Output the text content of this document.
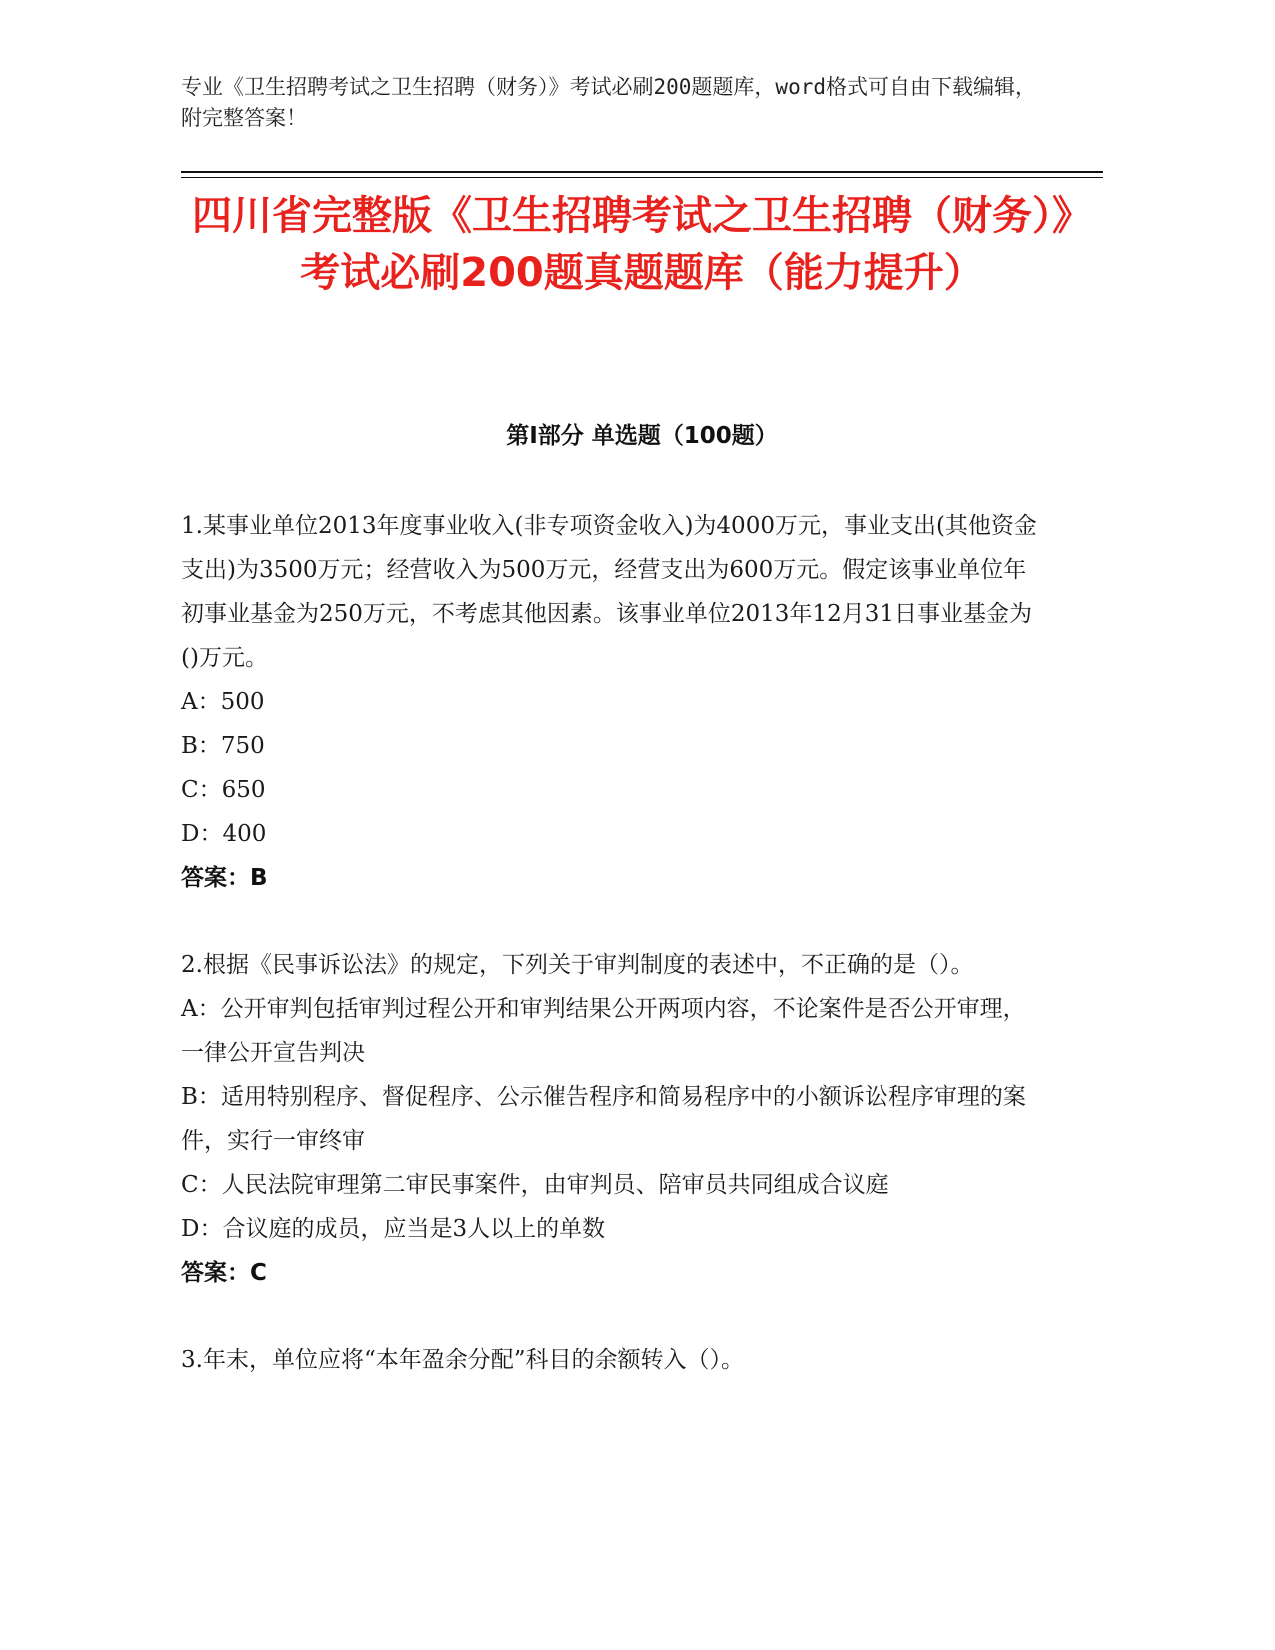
专业《卫生招聘考试之卫生招聘（财务）》考试必刷200题题库，word格式可自由下载编辑，附完整答案！
四川省完整版《卫生招聘考试之卫生招聘（财务）》考试必刷200题真题题库（能力提升）
第I部分 单选题（100题）

1.某事业单位2013年度事业收入(非专项资金收入)为4000万元，事业支出(其他资金支出)为3500万元；经营收入为500万元，经营支出为600万元。假定该事业单位年初事业基金为250万元，不考虑其他因素。该事业单位2013年12月31日事业基金为()万元。

A：500

B：750

C：650

D：400

答案：B

2.根据《民事诉讼法》的规定，下列关于审判制度的表述中，不正确的是（）。

A：公开审判包括审判过程公开和审判结果公开两项内容，不论案件是否公开审理，一律公开宣告判决

B：适用特别程序、督促程序、公示催告程序和简易程序中的小额诉讼程序审理的案件，实行一审终审

C：人民法院审理第二审民事案件，由审判员、陪审员共同组成合议庭

D：合议庭的成员，应当是3人以上的单数

答案：C

3.年末，单位应将“本年盈余分配”科目的余额转入（）。
